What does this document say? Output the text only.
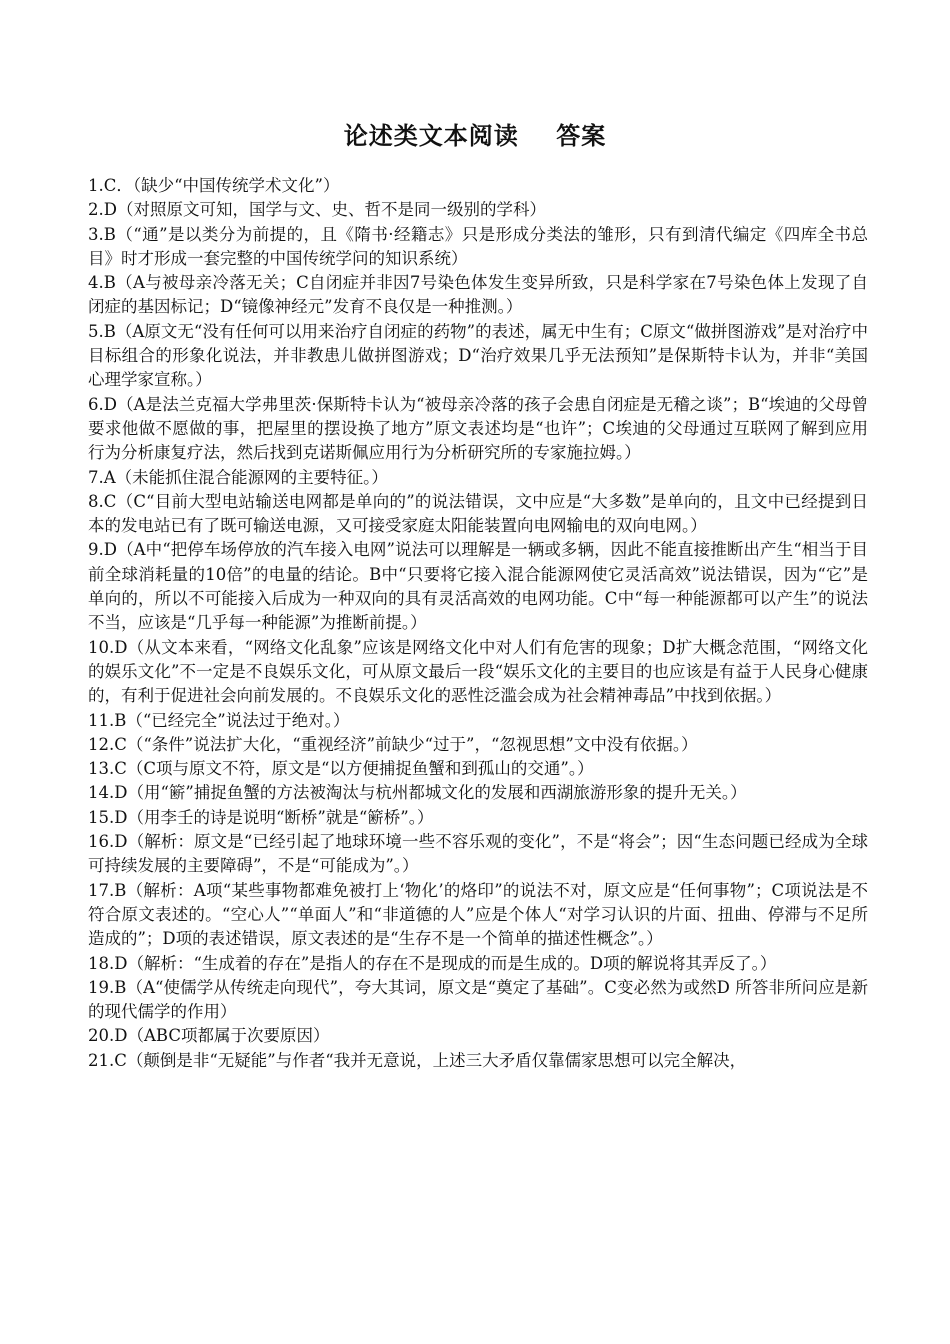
论述类文本阅读    答案

1.C．（缺少“中国传统学术文化”）

2.D（对照原文可知，国学与文、史、哲不是同一级别的学科）

3.B（“通”是以类分为前提的，且《隋书·经籍志》只是形成分类法的雏形，只有到清代编定《四库全书总目》时才形成一套完整的中国传统学问的知识系统）

4.B（A与被母亲冷落无关；C自闭症并非因7号染色体发生变异所致，只是科学家在7号染色体上发现了自闭症的基因标记；D“镜像神经元”发育不良仅是一种推测。）

5.B（A原文无“没有任何可以用来治疗自闭症的药物”的表述，属无中生有；C原文“做拼图游戏”是对治疗中目标组合的形象化说法，并非教患儿做拼图游戏；D“治疗效果几乎无法预知”是保斯特卡认为，并非“美国心理学家宣称。）

6.D（A是法兰克福大学弗里茨·保斯特卡认为“被母亲冷落的孩子会患自闭症是无稽之谈”；B“埃迪的父母曾要求他做不愿做的事，把屋里的摆设换了地方”原文表述均是“也许”；C埃迪的父母通过互联网了解到应用行为分析康复疗法，然后找到克诺斯佩应用行为分析研究所的专家施拉姆。）

7.A（未能抓住混合能源网的主要特征。）

8.C（C“目前大型电站输送电网都是单向的”的说法错误，文中应是“大多数”是单向的，且文中已经提到日本的发电站已有了既可输送电源，又可接受家庭太阳能装置向电网输电的双向电网。）

9.D（A中“把停车场停放的汽车接入电网”说法可以理解是一辆或多辆，因此不能直接推断出产生“相当于目前全球消耗量的10倍”的电量的结论。B中“只要将它接入混合能源网使它灵活高效”说法错误，因为“它”是单向的，所以不可能接入后成为一种双向的具有灵活高效的电网功能。C中“每一种能源都可以产生”的说法不当，应该是“几乎每一种能源”为推断前提。）

10.D（从文本来看，“网络文化乱象”应该是网络文化中对人们有危害的现象；D扩大概念范围，“网络文化的娱乐文化”不一定是不良娱乐文化，可从原文最后一段“娱乐文化的主要目的也应该是有益于人民身心健康的，有利于促进社会向前发展的。不良娱乐文化的恶性泛滥会成为社会精神毒品”中找到依据。）

11.B（“已经完全”说法过于绝对。）

12.C（“条件”说法扩大化，“重视经济”前缺少“过于”，“忽视思想”文中没有依据。）

13.C（C项与原文不符，原文是“以方便捕捉鱼蟹和到孤山的交通”。）

14.D（用“簖”捕捉鱼蟹的方法被淘汰与杭州都城文化的发展和西湖旅游形象的提升无关。）

15.D（用李壬的诗是说明“断桥”就是“簖桥”。）

16.D（解析：原文是“已经引起了地球环境一些不容乐观的变化”，不是“将会”；因“生态问题已经成为全球可持续发展的主要障碍”，不是“可能成为”。）

17.B（解析：A项“某些事物都难免被打上‘物化’的烙印”的说法不对，原文应是“任何事物”；C项说法是不符合原文表述的。“空心人”“单面人”和“非道德的人”应是个体人“对学习认识的片面、扭曲、停滞与不足所造成的”；D项的表述错误，原文表述的是“生存不是一个简单的描述性概念”。）

18.D（解析：“生成着的存在”是指人的存在不是现成的而是生成的。D项的解说将其弄反了。）

19.B（A“使儒学从传统走向现代”，夸大其词，原文是“奠定了基础”。C变必然为或然D 所答非所问应是新的现代儒学的作用）

20.D（ABC项都属于次要原因）

21.C（颠倒是非“无疑能”与作者“我并无意说，上述三大矛盾仅靠儒家思想可以完全解决，
